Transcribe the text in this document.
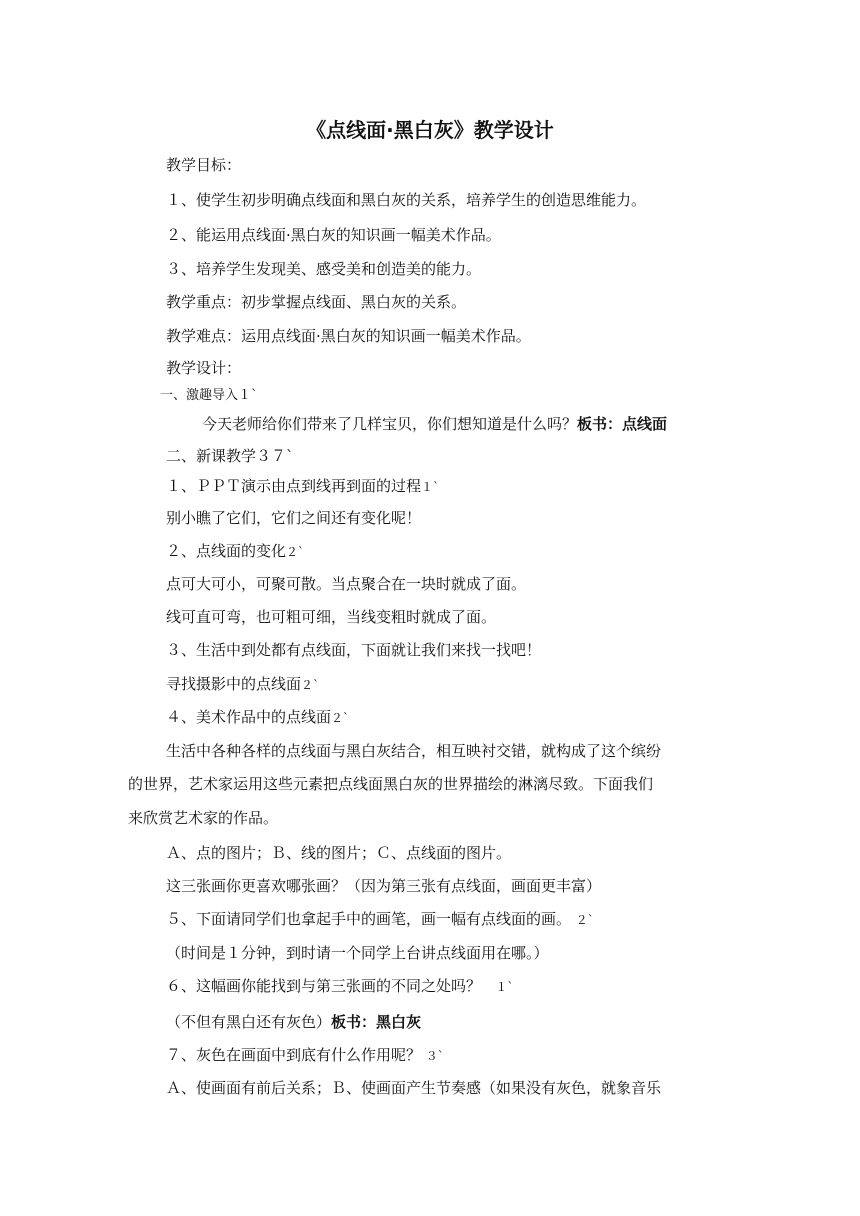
《点线面·黑白灰》教学设计
教学目标：
１、使学生初步明确点线面和黑白灰的关系，培养学生的创造思维能力。
２、能运用点线面·黑白灰的知识画一幅美术作品。
３、培养学生发现美、感受美和创造美的能力。
教学重点：初步掌握点线面、黑白灰的关系。
教学难点：运用点线面·黑白灰的知识画一幅美术作品。
教学设计：
一、激趣导入１`
今天老师给你们带来了几样宝贝，你们想知道是什么吗？板书：点线面
二、新课教学３７`
１、ＰＰＴ演示由点到线再到面的过程１`
别小瞧了它们，它们之间还有变化呢！
２、点线面的变化２`
点可大可小，可聚可散。当点聚合在一块时就成了面。
线可直可弯，也可粗可细，当线变粗时就成了面。
３、生活中到处都有点线面，下面就让我们来找一找吧！
寻找摄影中的点线面２`
４、美术作品中的点线面２`
生活中各种各样的点线面与黑白灰结合，相互映衬交错，就构成了这个缤纷
的世界，艺术家运用这些元素把点线面黑白灰的世界描绘的淋漓尽致。下面我们
来欣赏艺术家的作品。
Ａ、点的图片；Ｂ、线的图片；Ｃ、点线面的图片。
这三张画你更喜欢哪张画？（因为第三张有点线面，画面更丰富）
５、下面请同学们也拿起手中的画笔，画一幅有点线面的画。 ２`
（时间是１分钟，到时请一个同学上台讲点线面用在哪。）
６、这幅画你能找到与第三张画的不同之处吗？ １`
（不但有黑白还有灰色）板书：黑白灰
７、灰色在画面中到底有什么作用呢？ ３`
Ａ、使画面有前后关系；Ｂ、使画面产生节奏感（如果没有灰色，就象音乐
